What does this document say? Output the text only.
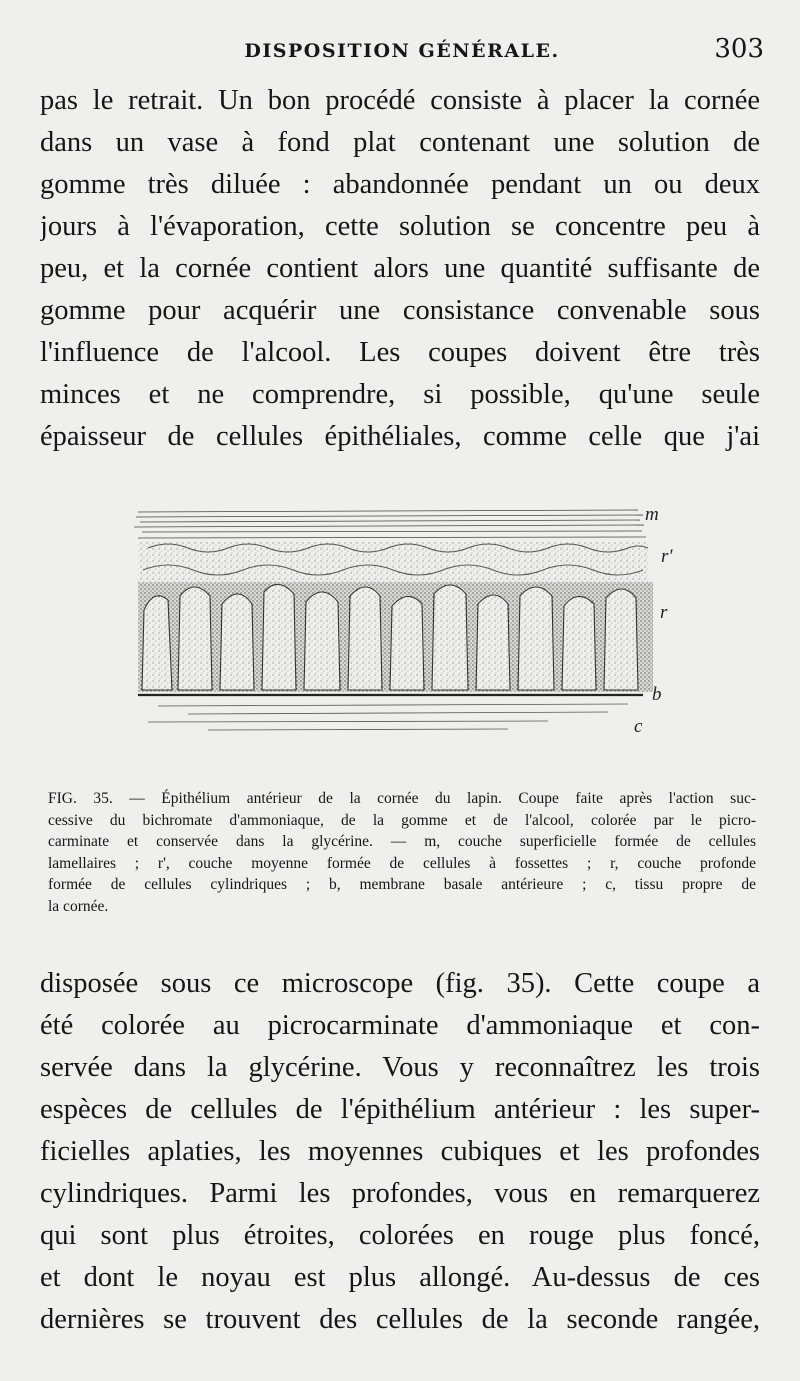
DISPOSITION GÉNÉRALE.	303
pas le retrait. Un bon procédé consiste à placer la cornée
dans un vase à fond plat contenant une solution de
gomme très diluée : abandonnée pendant un ou deux
jours à l'évaporation, cette solution se concentre peu à
peu, et la cornée contient alors une quantité suffisante de
gomme pour acquérir une consistance convenable sous
l'influence de l'alcool. Les coupes doivent être très
minces et ne comprendre, si possible, qu'une seule
épaisseur de cellules épithéliales, comme celle que j'ai
m
r'
r
b
c
FIG. 35. — Épithélium antérieur de la cornée du lapin. Coupe faite après l'action suc-
cessive du bichromate d'ammoniaque, de la gomme et de l'alcool, colorée par le picro-
carminate et conservée dans la glycérine. — m, couche superficielle formée de cellules
lamellaires ; r', couche moyenne formée de cellules à fossettes ; r, couche profonde
formée de cellules cylindriques ; b, membrane basale antérieure ; c, tissu propre de
la cornée.
disposée sous ce microscope (fig. 35). Cette coupe a
été colorée au picrocarminate d'ammoniaque et con-
servée dans la glycérine. Vous y reconnaîtrez les trois
espèces de cellules de l'épithélium antérieur : les super-
ficielles aplaties, les moyennes cubiques et les profondes
cylindriques. Parmi les profondes, vous en remarquerez
qui sont plus étroites, colorées en rouge plus foncé,
et dont le noyau est plus allongé. Au-dessus de ces
dernières se trouvent des cellules de la seconde rangée,
